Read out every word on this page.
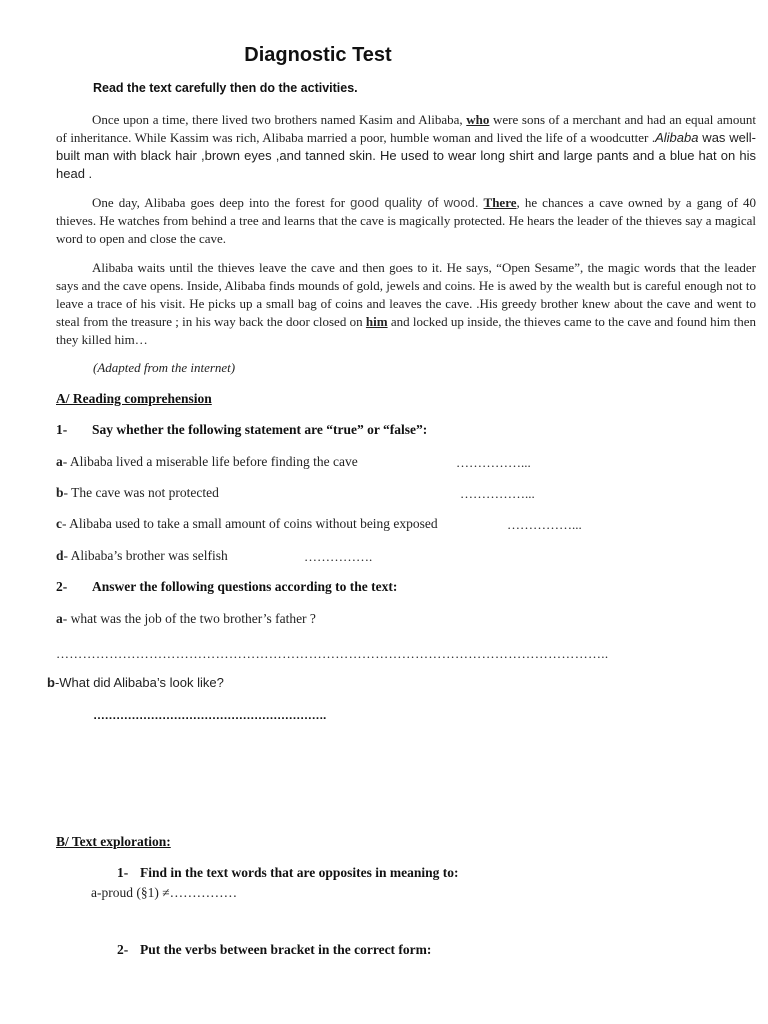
Diagnostic Test
Read the text carefully then do the activities.

Once upon a time, there lived two brothers named Kasim and Alibaba, who were sons of a merchant and had an equal amount of inheritance. While Kassim was rich, Alibaba married a poor, humble woman and lived the life of a woodcutter .Alibaba was well-built man with black hair ,brown eyes ,and tanned skin. He used to wear long shirt and large pants and a blue hat on his head .

One day, Alibaba goes deep into the forest for good quality of wood. There, he chances a cave owned by a gang of 40 thieves. He watches from behind a tree and learns that the cave is magically protected. He hears the leader of the thieves say a magical word to open and close the cave.

Alibaba waits until the thieves leave the cave and then goes to it. He says, “Open Sesame”, the magic words that the leader says and the cave opens. Inside, Alibaba finds mounds of gold, jewels and coins. He is awed by the wealth but is careful enough not to leave a trace of his visit. He picks up a small bag of coins and leaves the cave. .His greedy brother knew about the cave and went to steal from the treasure ; in his way back the door closed on him and locked up inside, the thieves came to the cave and found him then they killed him…

(Adapted from the internet)
A/ Reading comprehension
1- Say whether the following statement are “true” or “false”:
a- Alibaba lived a miserable life before finding the cave	……………...
b- The cave was not protected	……………...
c- Alibaba used to take a small amount of coins without being exposed	……………...
d- Alibaba’s brother was selfish	…………….
2- Answer the following questions according to the text:
a- what was the job of the two brother’s father ?
……………………………………………………………………………………………………………..
b-What did Alibaba’s look like?
…………………………………………………….
B/ Text exploration:
1- Find in the text words that are opposites in meaning to:
a-proud (§1) ≠……………
2- Put the verbs between bracket in the correct form:
